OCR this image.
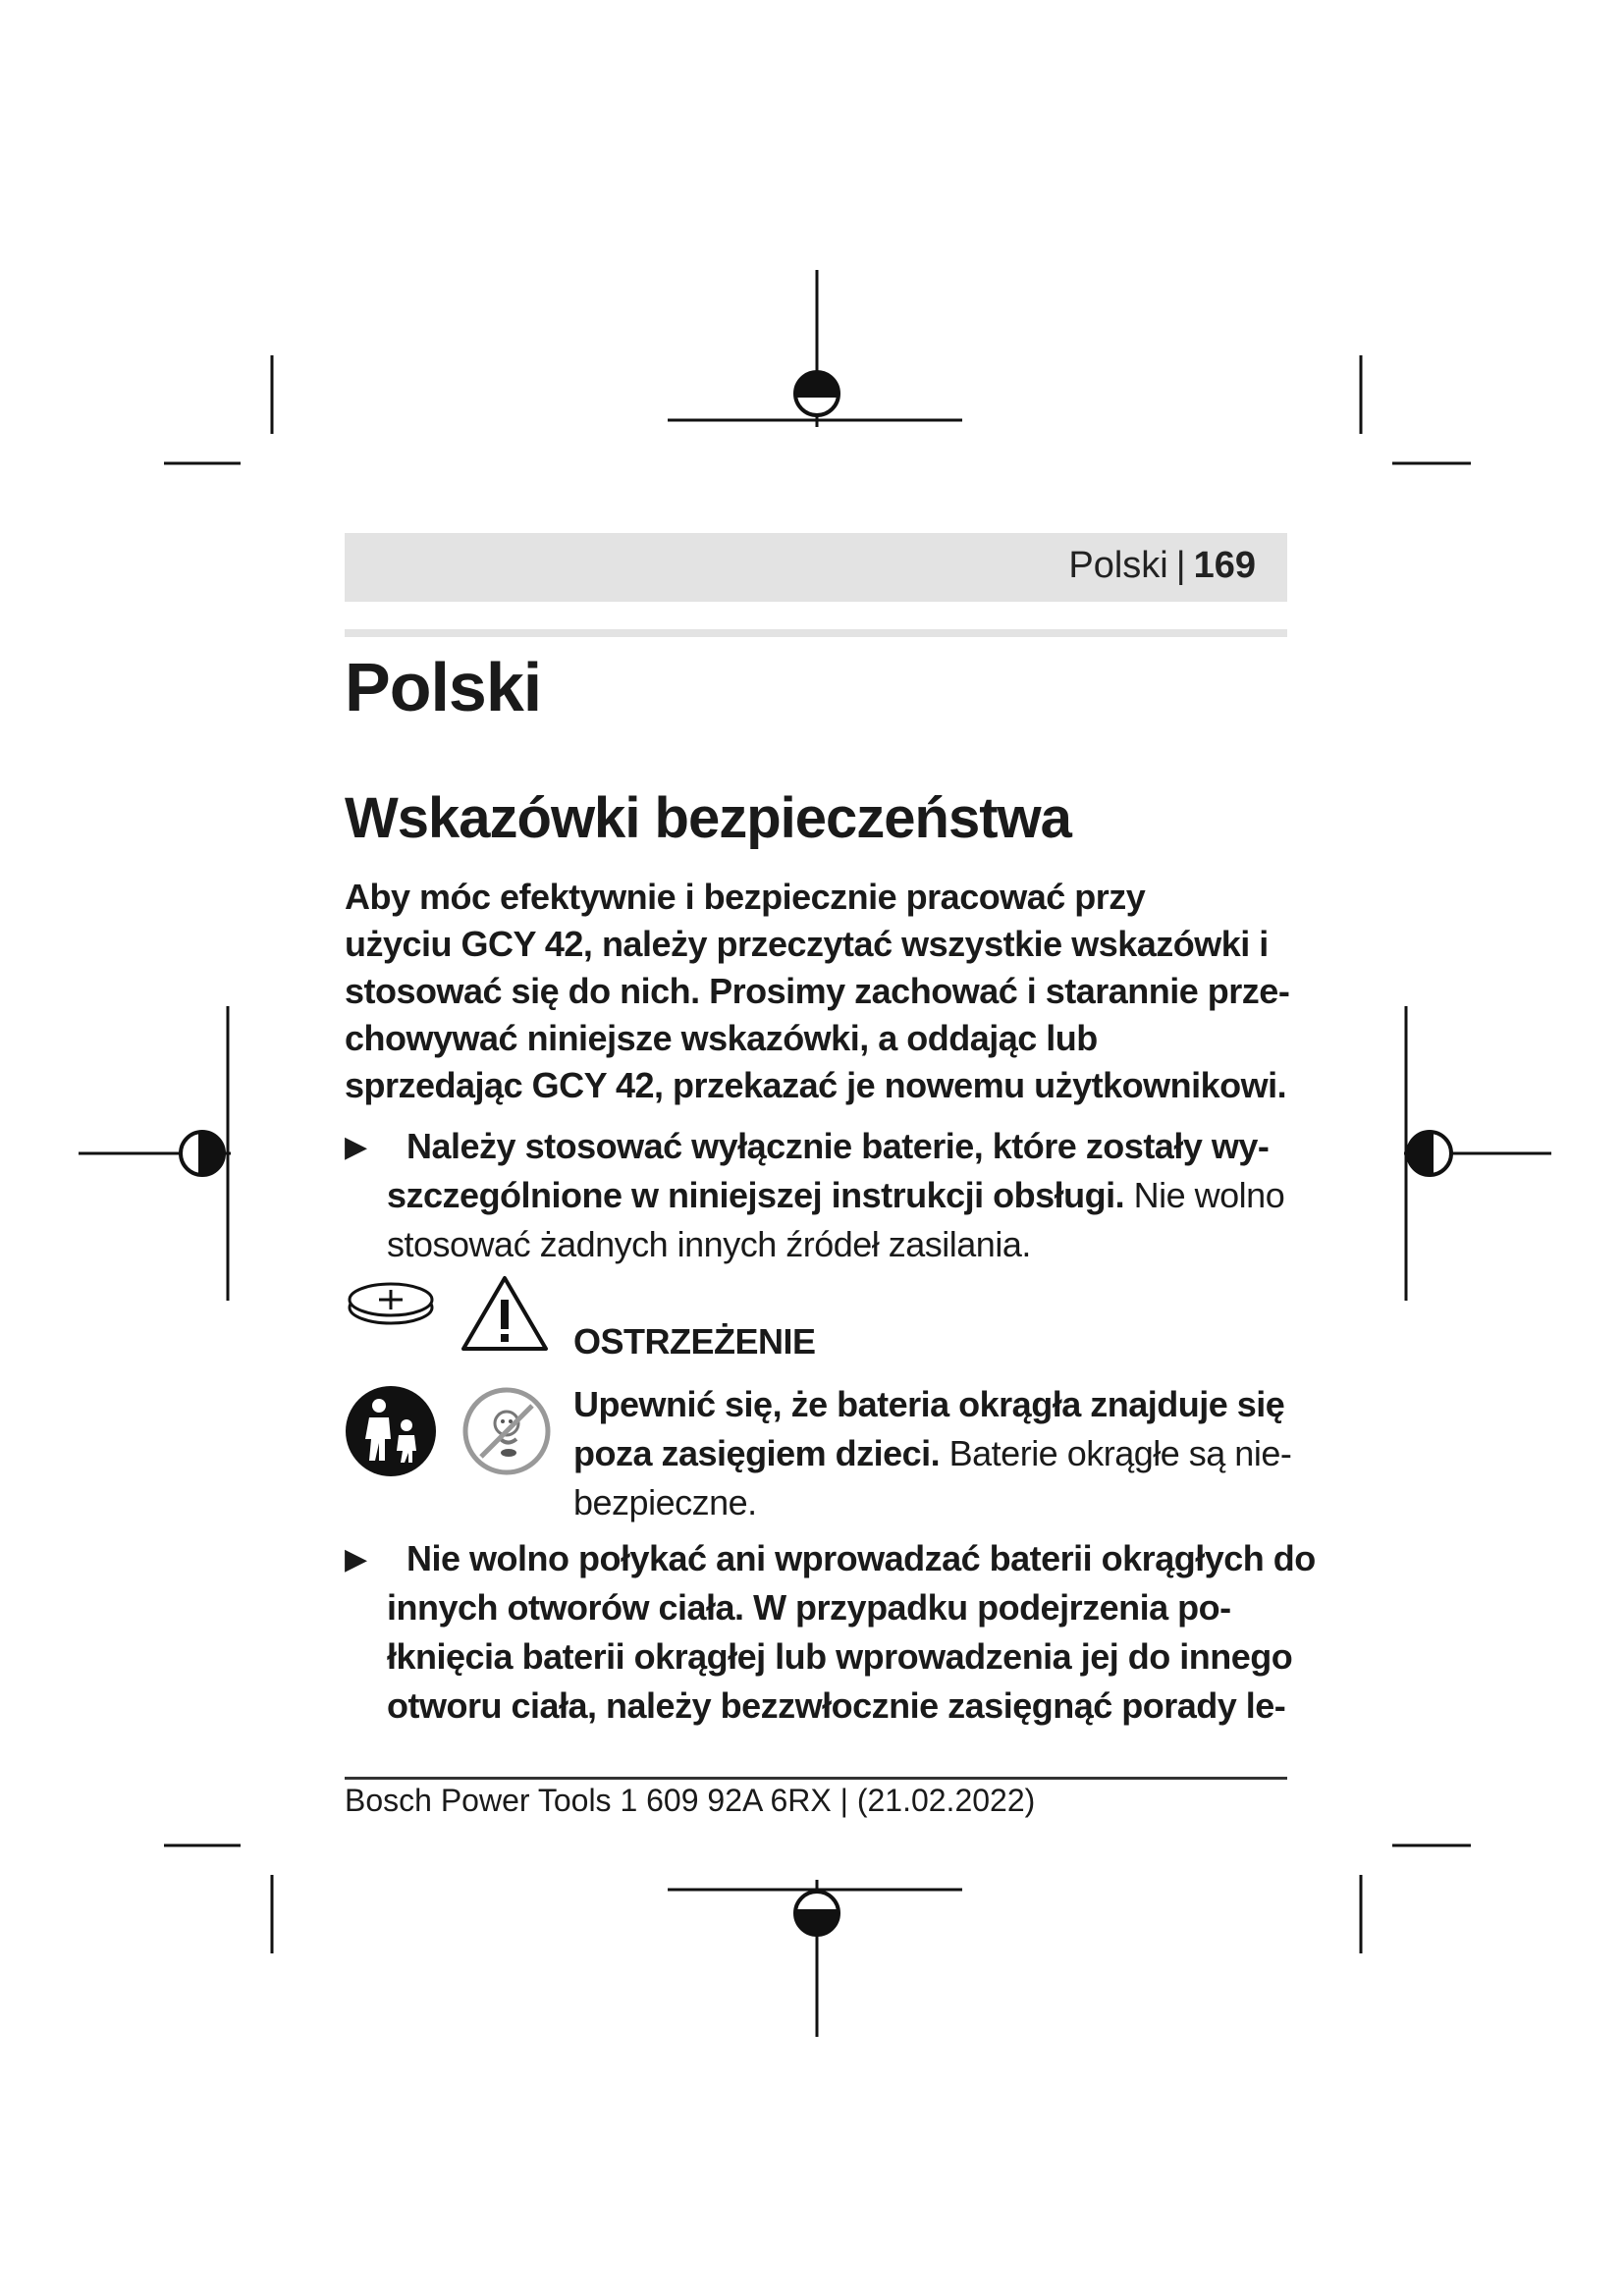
Polski | 169
Polski
Wskazówki bezpieczeństwa
Aby móc efektywnie i bezpiecznie pracować przy
użyciu GCY 42, należy przeczytać wszystkie wskazówki i
stosować się do nich. Prosimy zachować i starannie prze-
chowywać niniejsze wskazówki, a oddając lub
sprzedając GCY 42, przekazać je nowemu użytkownikowi.
▶ Należy stosować wyłącznie baterie, które zostały wy-
szczególnione w niniejszej instrukcji obsługi. Nie wolno
stosować żadnych innych źródeł zasilania.
OSTRZEŻENIE
Upewnić się, że bateria okrągła znajduje się
poza zasięgiem dzieci. Baterie okrągłe są nie-
bezpieczne.
▶ Nie wolno połykać ani wprowadzać baterii okrągłych do
innych otworów ciała. W przypadku podejrzenia po-
łknięcia baterii okrągłej lub wprowadzenia jej do innego
otworu ciała, należy bezzwłocznie zasięgnąć porady le-
Bosch Power Tools 1 609 92A 6RX | (21.02.2022)
